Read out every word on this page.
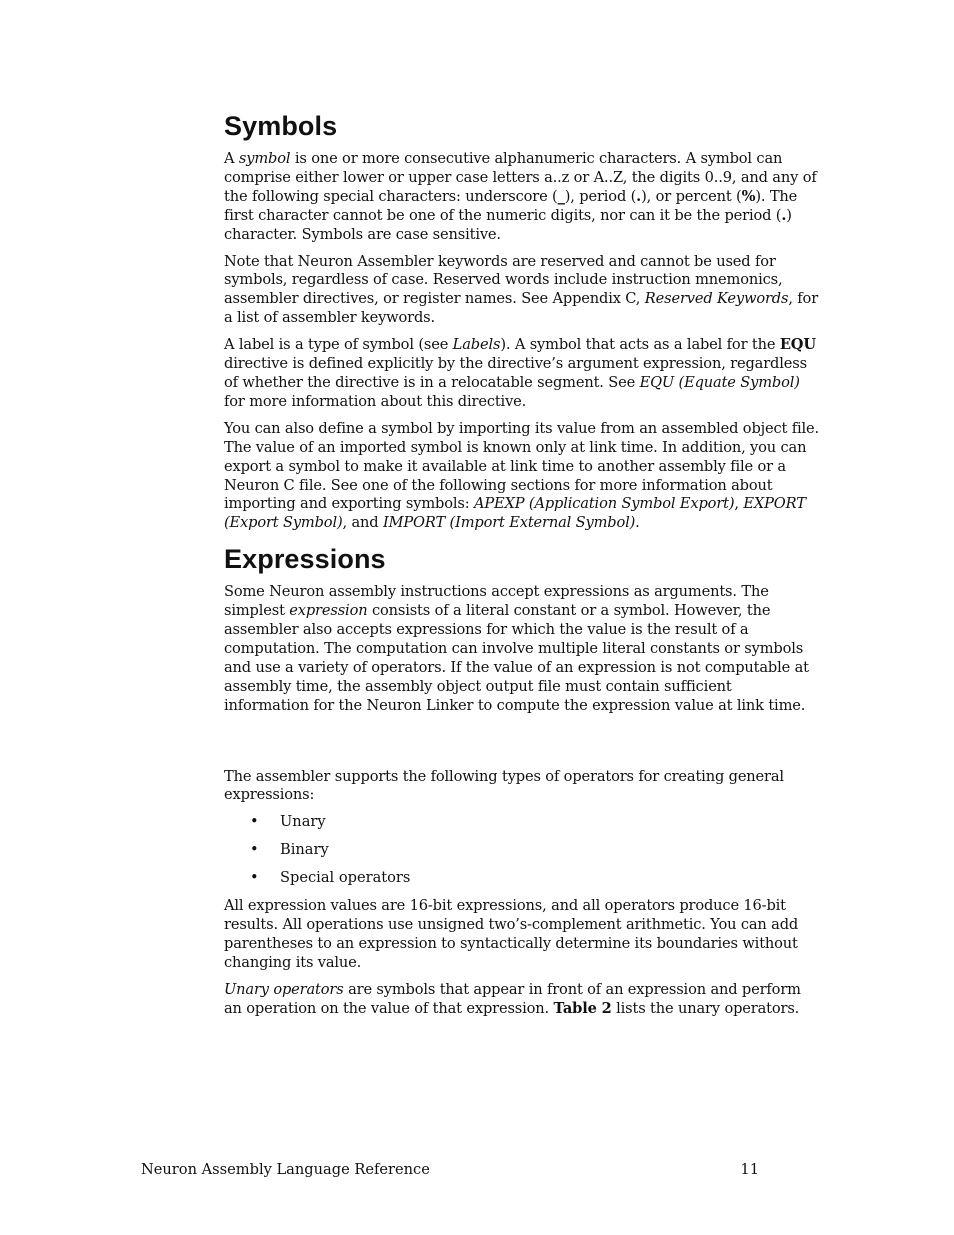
Symbols

A symbol is one or more consecutive alphanumeric characters. A symbol can comprise either lower or upper case letters a..z or A..Z, the digits 0..9, and any of the following special characters: underscore (_), period (.), or percent (%). The first character cannot be one of the numeric digits, nor can it be the period (.) character. Symbols are case sensitive.

Note that Neuron Assembler keywords are reserved and cannot be used for symbols, regardless of case. Reserved words include instruction mnemonics, assembler directives, or register names. See Appendix C, Reserved Keywords, for a list of assembler keywords.

A label is a type of symbol (see Labels). A symbol that acts as a label for the EQU directive is defined explicitly by the directive’s argument expression, regardless of whether the directive is in a relocatable segment. See EQU (Equate Symbol) for more information about this directive.

You can also define a symbol by importing its value from an assembled object file. The value of an imported symbol is known only at link time. In addition, you can export a symbol to make it available at link time to another assembly file or a Neuron C file. See one of the following sections for more information about importing and exporting symbols: APEXP (Application Symbol Export), EXPORT (Export Symbol), and IMPORT (Import External Symbol).

Expressions

Some Neuron assembly instructions accept expressions as arguments. The simplest expression consists of a literal constant or a symbol. However, the assembler also accepts expressions for which the value is the result of a computation. The computation can involve multiple literal constants or symbols and use a variety of operators. If the value of an expression is not computable at assembly time, the assembly object output file must contain sufficient information for the Neuron Linker to compute the expression value at link time.

The assembler supports the following types of operators for creating general expressions:

• Unary
• Binary
• Special operators

All expression values are 16-bit expressions, and all operators produce 16-bit results. All operations use unsigned two’s-complement arithmetic. You can add parentheses to an expression to syntactically determine its boundaries without changing its value.

Unary operators are symbols that appear in front of an expression and perform an operation on the value of that expression. Table 2 lists the unary operators.

Neuron Assembly Language Reference	11
